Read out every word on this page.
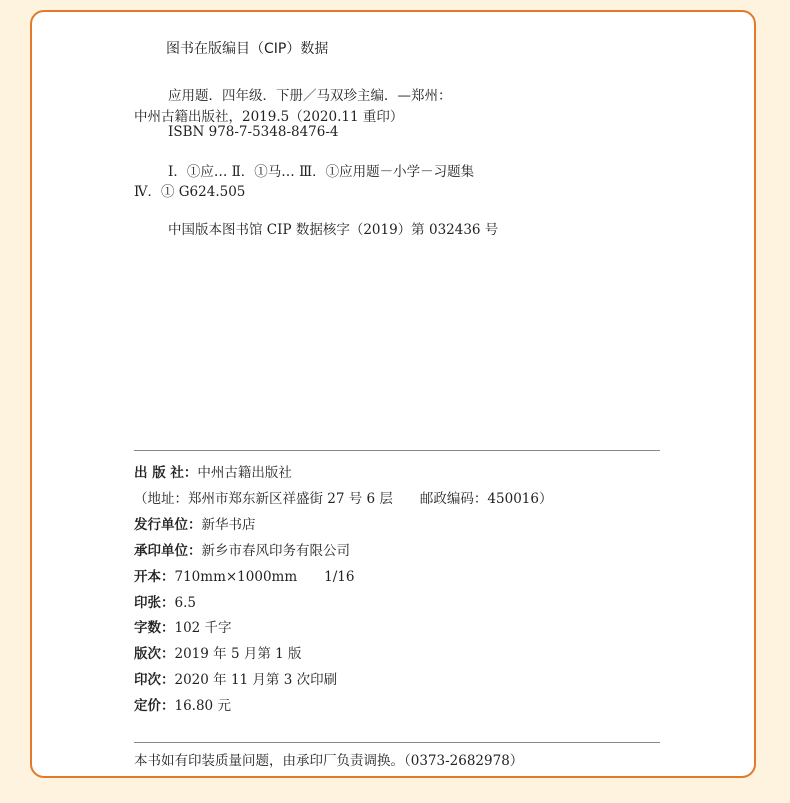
图书在版编目（CIP）数据
应用题．四年级．下册／马双珍主编．—郑州：
中州古籍出版社，2019.5（2020.11 重印）
ISBN 978-7-5348-8476-4
Ⅰ．①应… Ⅱ．①马… Ⅲ．①应用题－小学－习题集
Ⅳ．① G624.505
中国版本图书馆 CIP 数据核字（2019）第 032436 号
出 版 社：中州古籍出版社
（地址：郑州市郑东新区祥盛街 27 号 6 层　　邮政编码：450016）
发行单位：新华书店
承印单位：新乡市春风印务有限公司
开本：710mm×1000mm　　1/16
印张：6.5
字数：102 千字
版次：2019 年 5 月第 1 版
印次：2020 年 11 月第 3 次印刷
定价：16.80 元
本书如有印装质量问题，由承印厂负责调换。（0373-2682978）
